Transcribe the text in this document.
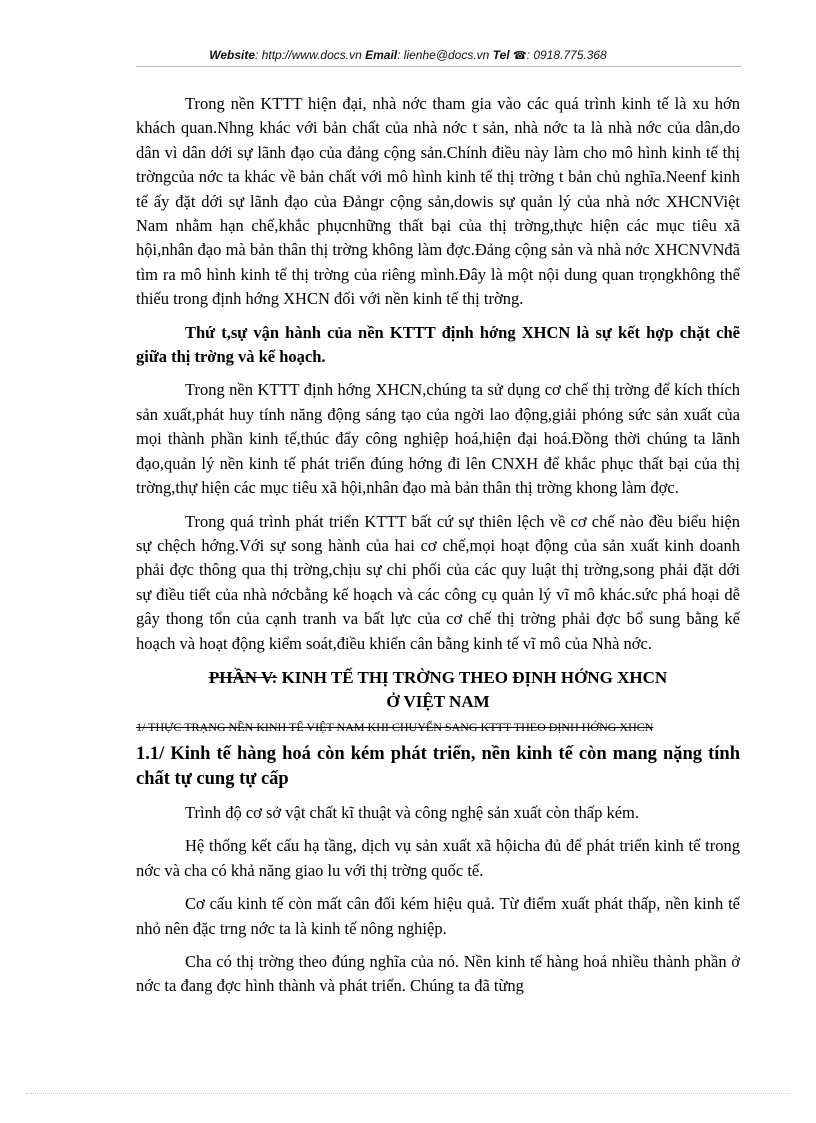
Website: http://www.docs.vn Email: lienhe@docs.vn Tel ☎: 0918.775.368

Trong nền KTTT hiện đại, nhà nớc tham gia vào các quá trình kinh tế là xu hớn khách quan.Nhng khác với bản chất của nhà nớc t sản, nhà nớc ta là nhà nớc của dân,do dân vì dân dới sự lãnh đạo của đảng cộng sản.Chính điều này làm cho mô hình kinh tế thị trờngcủa nớc ta khác về bản chất với mô hình kinh tế thị trờng t bản chủ nghĩa.Neenf kinh tế ấy đặt dới sự lãnh đạo của Đảngr cộng sản,dowis sự quản lý của nhà nớc XHCNViệt Nam nhằm hạn chế,khắc phụcnhững thất bại của thị trờng,thực hiện các mục tiêu xã hội,nhân đạo mà bản thân thị trờng không làm đợc.Đảng cộng sản và nhà nớc XHCNVNđã tìm ra mô hình kinh tế thị trờng của riêng mình.Đây là một nội dung quan trọngkhông thể thiếu trong định hớng XHCN đối với nền kinh tế thị trờng.

Thứ t,sự vận hành của nền KTTT định hớng XHCN là sự kết hợp chặt chẽ giữa thị trờng và kế hoạch.

Trong nền KTTT định hớng XHCN,chúng ta sử dụng cơ chế thị trờng để kích thích sản xuất,phát huy tính năng động sáng tạo của ngời lao động,giải phóng sức sản xuất của mọi thành phần kinh tế,thúc đẩy công nghiệp hoá,hiện đại hoá.Đồng thời chúng ta lãnh đạo,quản lý nền kinh tế phát triển đúng hớng đi lên CNXH để khắc phục thất bại của thị trờng,thự hiện các mục tiêu xã hội,nhân đạo mà bản thân thị trờng khong làm đợc.

Trong quá trình phát triển KTTT bất cứ sự thiên lệch về cơ chế nào đều biểu hiện sự chệch hớng.Với sự song hành của hai cơ chế,mọi hoạt động của sản xuất kinh doanh phải đợc thông qua thị trờng,chịu sự chi phối của các quy luật thị trờng,song phải đặt dới sự điều tiết của nhà nớcbằng kế hoạch và các công cụ quản lý vĩ mô khác.sức phá hoại dễ gây thong tổn của cạnh tranh va bất lực của cơ chế thị trờng phải đợc bổ sung bằng kế hoạch và hoạt động kiểm soát,điều khiển cân bằng kinh tế vĩ mô của Nhà nớc.

PHẦN V: KINH TẾ THỊ TRỜNG THEO ĐỊNH HỚNG XHCN
Ở VIỆT NAM

1/ THỰC TRẠNG NỀN KINH TẾ VIỆT NAM KHI CHUYỂN SANG KTTT THEO ĐỊNH HỚNG XHCN

1.1/ Kinh tế hàng hoá còn kém phát triển, nền kinh tế còn mang nặng tính chất tự cung tự cấp

Trình độ cơ sở vật chất kĩ thuật và công nghệ sản xuất còn thấp kém.

Hệ thống kết cấu hạ tầng, dịch vụ sản xuất xã hộicha đủ để phát triển kinh tế trong nớc và cha có khả năng giao lu với thị trờng quốc tế.

Cơ cấu kinh tế còn mất cân đối kém hiệu quả. Từ điểm xuất phát thấp, nền kinh tế nhỏ nên đặc trng nớc ta là kinh tế nông nghiệp.

Cha có thị trờng theo đúng nghĩa của nó. Nền kinh tế hàng hoá nhiều thành phần ở nớc ta đang đợc hình thành và phát triển. Chúng ta đã từng
